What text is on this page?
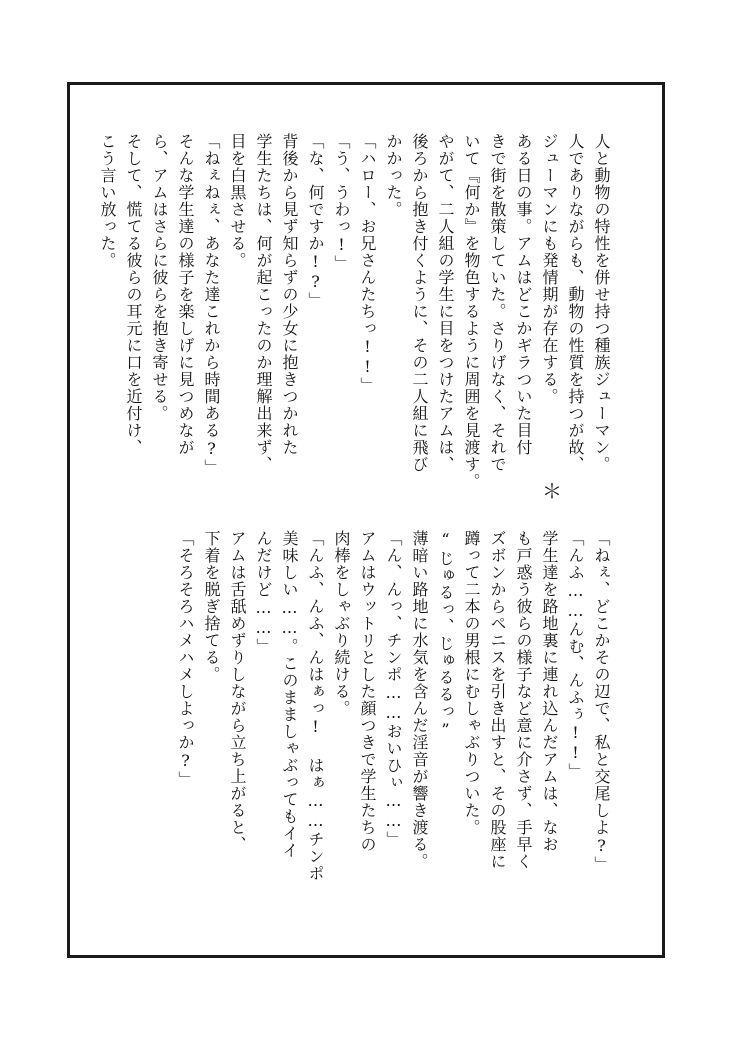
人と動物の特性を併せ持つ種族ジューマン。
人でありながらも、動物の性質を持つが故、
ジューマンにも発情期が存在する。
ある日の事。アムはどこかギラついた目付
きで街を散策していた。さりげなく、それで
いて『何か』を物色するように周囲を見渡す。
やがて、二人組の学生に目をつけたアムは、
後ろから抱き付くように、その二人組に飛び
かかった。
「ハロー、お兄さんたちっ!!」
「う、うわっ!」
「な、何ですか!?」
背後から見ず知らずの少女に抱きつかれた
学生たちは、何が起こったのか理解出来ず、
目を白黒させる。
「ねぇねぇ、あなた達これから時間ある?」
そんな学生達の様子を楽しげに見つめなが
ら、アムはさらに彼らを抱き寄せる。
そして、慌てる彼らの耳元に口を近付け、
こう言い放った。
＊
「ねぇ、どこかその辺で、私と交尾しよ?」
「んふ……んむ、んふぅ!!」
学生達を路地裏に連れ込んだアムは、なお
も戸惑う彼らの様子など意に介さず、手早く
ズボンからペニスを引き出すと、その股座に
蹲って二本の男根にむしゃぶりついた。
“じゅるっ、じゅるるっ”
薄暗い路地に水気を含んだ淫音が響き渡る。
「ん、んっ、チンポ……おいひぃ……」
アムはウットリとした顔つきで学生たちの
肉棒をしゃぶり続ける。
「んふ、んふ、んはぁっ! はぁ……チンポ
美味しい……。このまましゃぶってもイイ
んだけど……」
アムは舌舐めずりしながら立ち上がると、
下着を脱ぎ捨てる。
「そろそろハメハメしよっか?」
